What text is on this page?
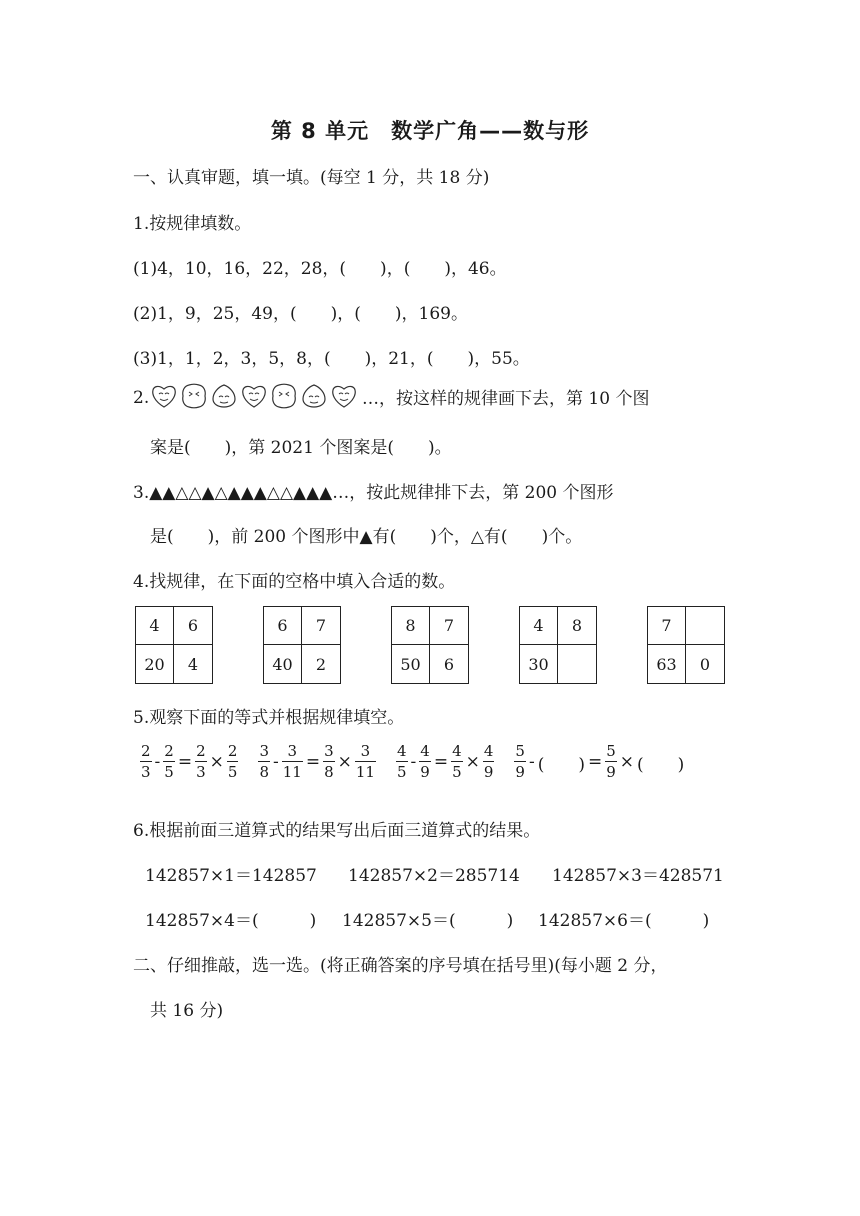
第 8 单元　数学广角——数与形
一、认真审题，填一填。(每空 1 分，共 18 分)
1.按规律填数。
(1)4，10，16，22，28，(　　)，(　　)，46。
(2)1，9，25，49，(　　)，(　　)，169。
(3)1，1，2，3，5，8，(　　)，21，(　　)，55。
2.	…，按这样的规律画下去，第 10 个图
案是(　　)，第 2021 个图案是(　　)。
3.▲▲△△▲△▲▲▲△△▲▲▲…，按此规律排下去，第 200 个图形
是(　　)，前 200 个图形中▲有(　　)个，△有(　　)个。
4.找规律，在下面的空格中填入合适的数。
4	6
20	4
6	7
40	2
8	7
50	6
4	8
30
7
63	0
5.观察下面的等式并根据规律填空。
$\frac{2}{3} - \frac{2}{5} = \frac{2}{3} \times \frac{2}{5} \frac{3}{8} - \frac{3}{11} = \frac{3}{8} \times \frac{3}{11} \frac{4}{5} - \frac{4}{9} = \frac{4}{5} \times \frac{4}{9} \frac{5}{9}$ - (　　) = $\frac{5}{9}$ × (　　)
6.根据前面三道算式的结果写出后面三道算式的结果。
142857×1＝142857 142857×2＝285714 142857×3＝428571
142857×4＝(　　　) 142857×5＝(　　　) 142857×6＝(　　　)
二、仔细推敲，选一选。(将正确答案的序号填在括号里)(每小题 2 分，
共 16 分)
